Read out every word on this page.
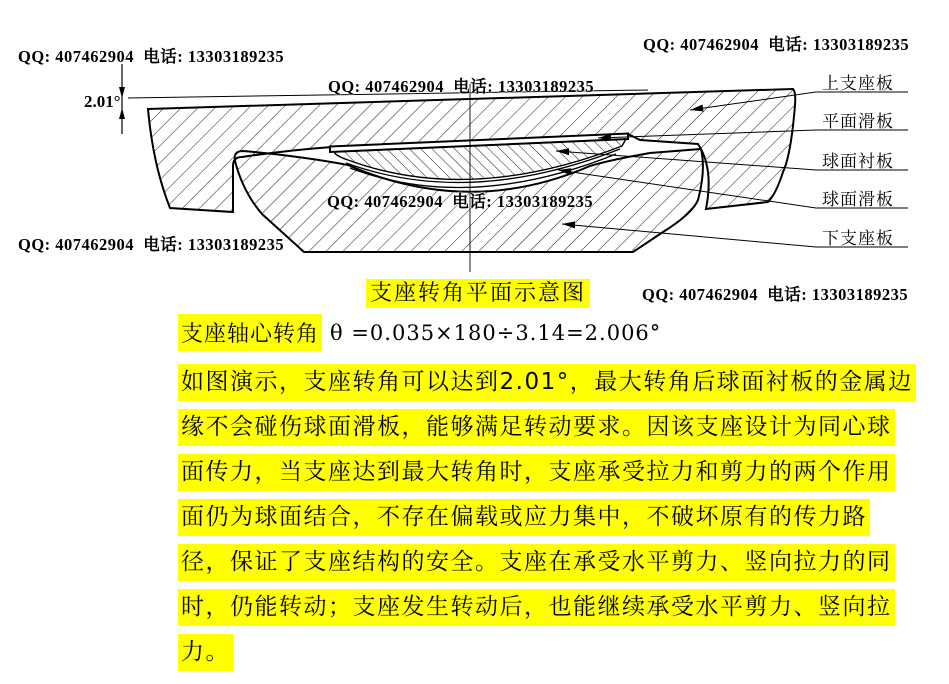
QQ: 407462904  电话: 13303189235
QQ: 407462904  电话: 13303189235
QQ: 407462904  电话: 13303189235
QQ: 407462904  电话: 13303189235
QQ: 407462904  电话: 13303189235
QQ: 407462904  电话: 13303189235
2.01°
上支座板
平面滑板
球面衬板
球面滑板
下支座板
支座转角平面示意图
支座轴心转角 θ =0.035×180÷3.14=2.006°
如图演示，支座转角可以达到2.01°，最大转角后球面衬板的金属边
缘不会碰伤球面滑板，能够满足转动要求。因该支座设计为同心球
面传力，当支座达到最大转角时，支座承受拉力和剪力的两个作用
面仍为球面结合，不存在偏载或应力集中，不破坏原有的传力路
径，保证了支座结构的安全。支座在承受水平剪力、竖向拉力的同
时，仍能转动；支座发生转动后，也能继续承受水平剪力、竖向拉
力。
